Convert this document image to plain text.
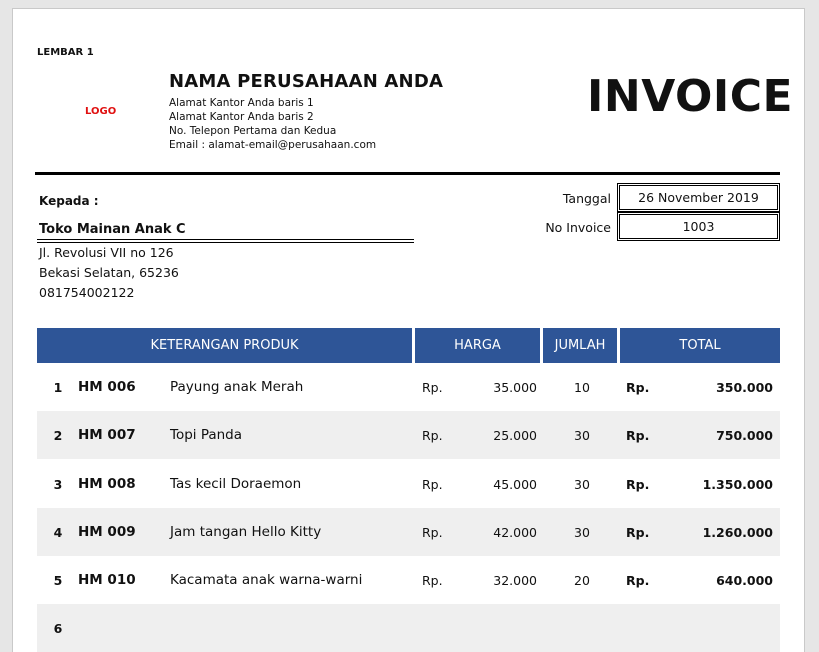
LEMBAR 1
LOGO
NAMA PERUSAHAAN ANDA
Alamat Kantor Anda baris 1
Alamat Kantor Anda baris 2
No. Telepon Pertama dan Kedua
Email : alamat-email@perusahaan.com
INVOICE
Kepada :
Toko Mainan Anak C
Jl. Revolusi VII no 126
Bekasi Selatan, 65236
081754002122
Tanggal 26 November 2019
No Invoice	1003
KETERANGAN PRODUK	HARGA	JUMLAH	TOTAL
1	HM 006	Payung anak Merah	Rp.	35.000	10	Rp.	350.000
2	HM 007	Topi Panda	Rp.	25.000	30	Rp.	750.000
3	HM 008	Tas kecil Doraemon	Rp.	45.000	30	Rp.	1.350.000
4	HM 009	Jam tangan Hello Kitty	Rp.	42.000	30	Rp.	1.260.000
5	HM 010	Kacamata anak warna-warni	Rp.	32.000	20	Rp.	640.000
6
